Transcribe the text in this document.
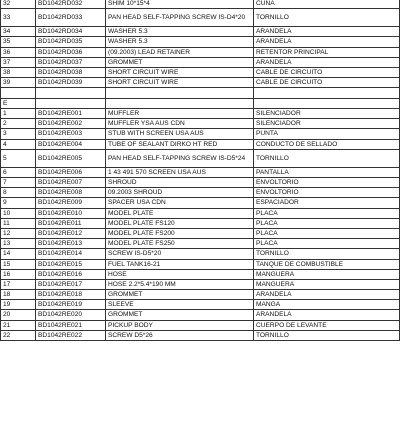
32	BD1042RD032	SHIM 10*15*4	CUÑA
33	BD1042RD033	PAN HEAD SELF-TAPPING SCREW IS-D4*20	TORNILLO
34	BD1042RD034	WASHER 5.3	ARANDELA
35	BD1042RD035	WASHER 5.3	ARANDELA
36	BD1042RD036	(09.2003) LEAD RETAINER	RETENTOR PRINCIPAL
37	BD1042RD037	GROMMET	ARANDELA
38	BD1042RD038	SHORT CIRCUIT WIRE	CABLE DE CIRCUITO
39	BD1042RD039	SHORT CIRCUIT WIRE	CABLE DE CIRCUITO

E			
1	BD1042RE001	MUFFLER	SILENCIADOR
2	BD1042RE002	MUFFLER YSA AUS CDN	SILENCIADOR
3	BD1042RE003	STUB WITH SCREEN USA AUS	PUNTA
4	BD1042RE004	TUBE OF SEALANT DIRKO HT RED	CONDUCTO DE SELLADO
5	BD1042RE005	PAN HEAD SELF-TAPPING SCREW IS-D5*24	TORNILLO
6	BD1042RE006	1 43 491 570 SCREEN USA AUS	PANTALLA
7	BD1042RE007	SHROUD	ENVOLTORIO
8	BD1042RE008	09.2003 SHROUD	ENVOLTORIO
9	BD1042RE009	SPACER USA CDN	ESPACIADOR
10	BD1042RE010	MODEL PLATE	PLACA
11	BD1042RE011	MODEL PLATE FS120	PLACA
12	BD1042RE012	MODEL PLATE FS200	PLACA
13	BD1042RE013	MODEL PLATE FS250	PLACA
14	BD1042RE014	SCREW IS-D5*20	TORNILLO
15	BD1042RE015	FUEL TANK16-21	TANQUE DE COMBUSTIBLE
16	BD1042RE016	HOSE	MANGUERA
17	BD1042RE017	HOSE 2.2*5.4*190 MM	MANGUERA
18	BD1042RE018	GROMMET	ARANDELA
19	BD1042RE019	SLEEVE	MANGA
20	BD1042RE020	GROMMET	ARANDELA
21	BD1042RE021	PICKUP BODY	CUERPO DE LEVANTE
22	BD1042RE022	SCREW D5*26	TORNILLO
